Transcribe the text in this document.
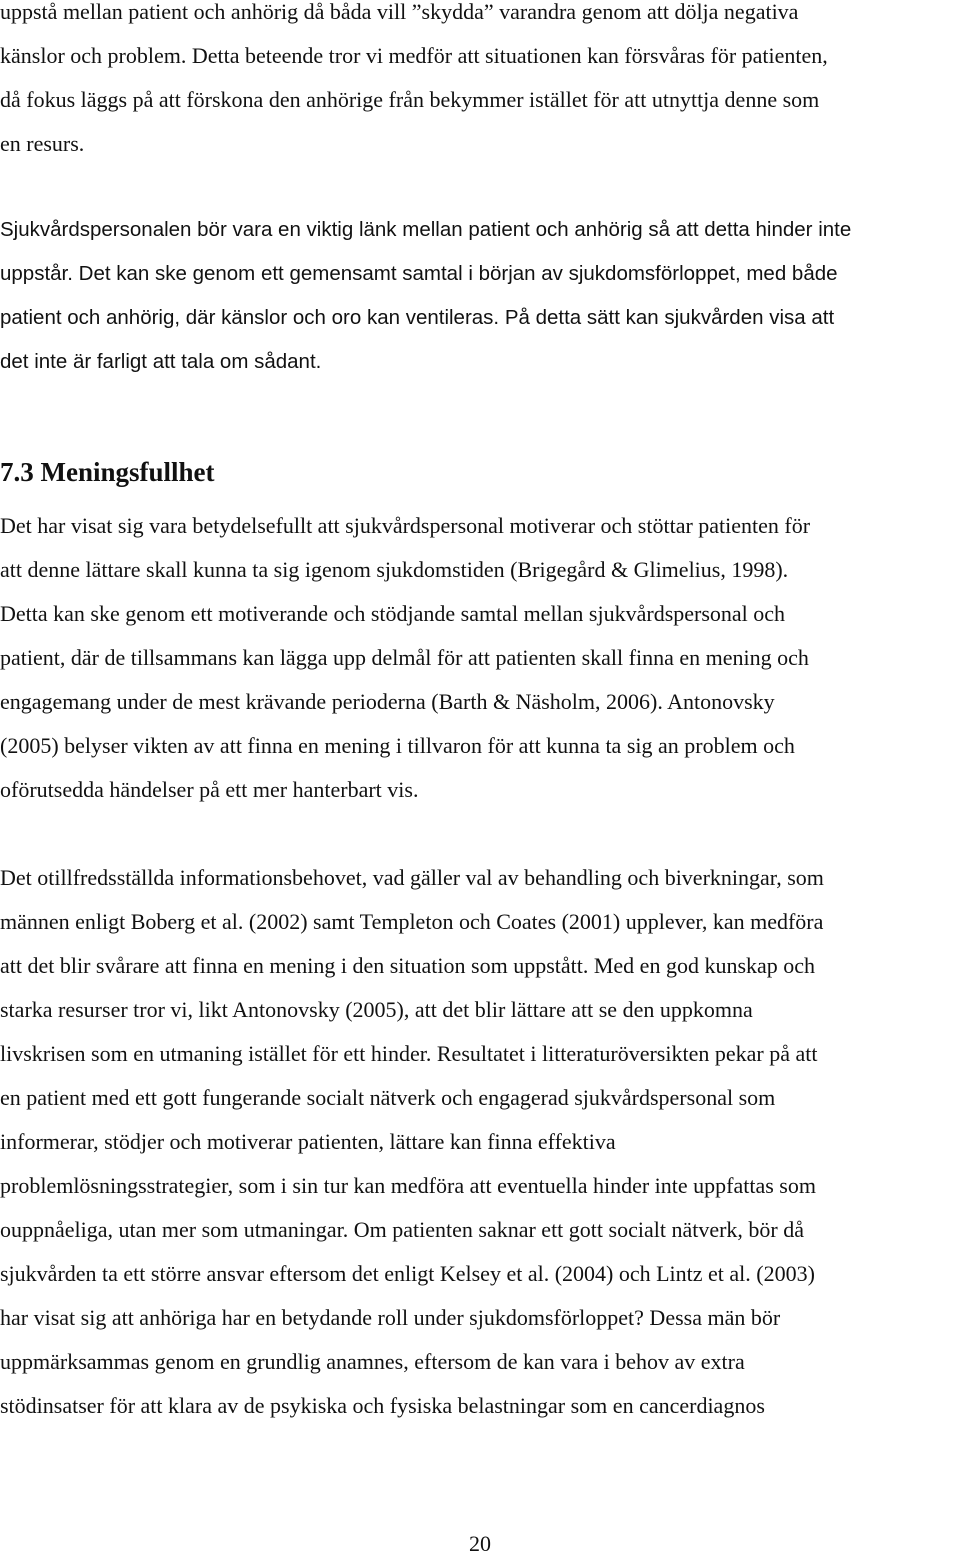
uppstå mellan patient och anhörig då båda vill ”skydda” varandra genom att dölja negativa
känslor och problem. Detta beteende tror vi medför att situationen kan försvåras för patienten,
då fokus läggs på att förskona den anhörige från bekymmer istället för att utnyttja denne som
en resurs.
Sjukvårdspersonalen bör vara en viktig länk mellan patient och anhörig så att detta hinder inte
uppstår. Det kan ske genom ett gemensamt samtal i början av sjukdomsförloppet, med både
patient och anhörig, där känslor och oro kan ventileras. På detta sätt kan sjukvården visa att
det inte är farligt att tala om sådant.
7.3 Meningsfullhet
Det har visat sig vara betydelsefullt att sjukvårdspersonal motiverar och stöttar patienten för
att denne lättare skall kunna ta sig igenom sjukdomstiden (Brigegård & Glimelius, 1998).
Detta kan ske genom ett motiverande och stödjande samtal mellan sjukvårdspersonal och
patient, där de tillsammans kan lägga upp delmål för att patienten skall finna en mening och
engagemang under de mest krävande perioderna (Barth & Näsholm, 2006). Antonovsky
(2005) belyser vikten av att finna en mening i tillvaron för att kunna ta sig an problem och
oförutsedda händelser på ett mer hanterbart vis.
Det otillfredsställda informationsbehovet, vad gäller val av behandling och biverkningar, som
männen enligt Boberg et al. (2002) samt Templeton och Coates (2001) upplever, kan medföra
att det blir svårare att finna en mening i den situation som uppstått. Med en god kunskap och
starka resurser tror vi, likt Antonovsky (2005), att det blir lättare att se den uppkomna
livskrisen som en utmaning istället för ett hinder. Resultatet i litteraturöversikten pekar på att
en patient med ett gott fungerande socialt nätverk och engagerad sjukvårdspersonal som
informerar, stödjer och motiverar patienten, lättare kan finna effektiva
problemlösningsstrategier, som i sin tur kan medföra att eventuella hinder inte uppfattas som
ouppnåeliga, utan mer som utmaningar. Om patienten saknar ett gott socialt nätverk, bör då
sjukvården ta ett större ansvar eftersom det enligt Kelsey et al. (2004) och Lintz et al. (2003)
har visat sig att anhöriga har en betydande roll under sjukdomsförloppet? Dessa män bör
uppmärksammas genom en grundlig anamnes, eftersom de kan vara i behov av extra
stödinsatser för att klara av de psykiska och fysiska belastningar som en cancerdiagnos
20
